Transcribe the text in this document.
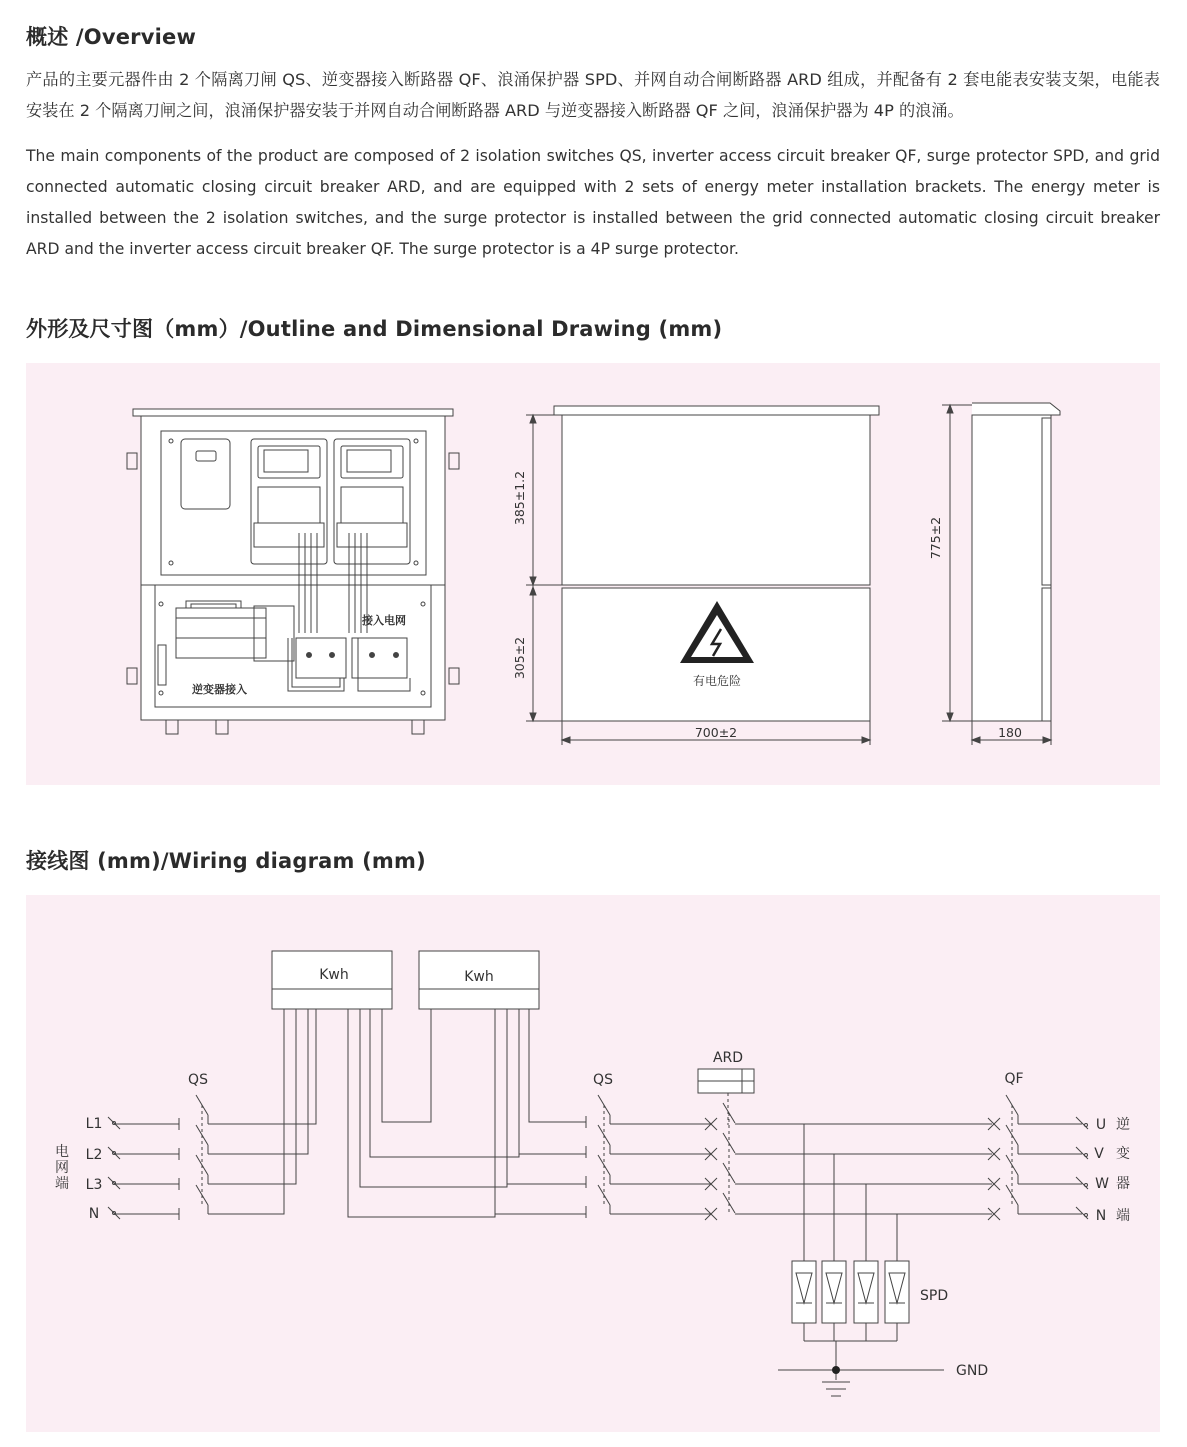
概述 /Overview

产品的主要元器件由 2 个隔离刀闸 QS、逆变器接入断路器 QF、浪涌保护器 SPD、并网自动合闸断路器 ARD 组成，并配备有 2 套电能表安装支架，电能表安装在 2 个隔离刀闸之间，浪涌保护器安装于并网自动合闸断路器 ARD 与逆变器接入断路器 QF 之间，浪涌保护器为 4P 的浪涌。

The main components of the product are composed of 2 isolation switches QS, inverter access circuit breaker QF, surge protector SPD, and grid connected automatic closing circuit breaker ARD, and are equipped with 2 sets of energy meter installation brackets. The energy meter is installed between the 2 isolation switches, and the surge protector is installed between the grid connected automatic closing circuit breaker ARD and the inverter access circuit breaker QF. The surge protector is a 4P surge protector.

外形及尺寸图（mm）/Outline and Dimensional Drawing (mm)
接入电网
逆变器接入
有电危险
385±1.2
305±2
700±2
775±2
180
接线图 (mm)/Wiring diagram (mm)
电
网
端
L1
L2
L3
N
QS
Kwh	Kwh
QS
ARD
SPD
GND
QF
U
V
W
N
逆
变
器
端
